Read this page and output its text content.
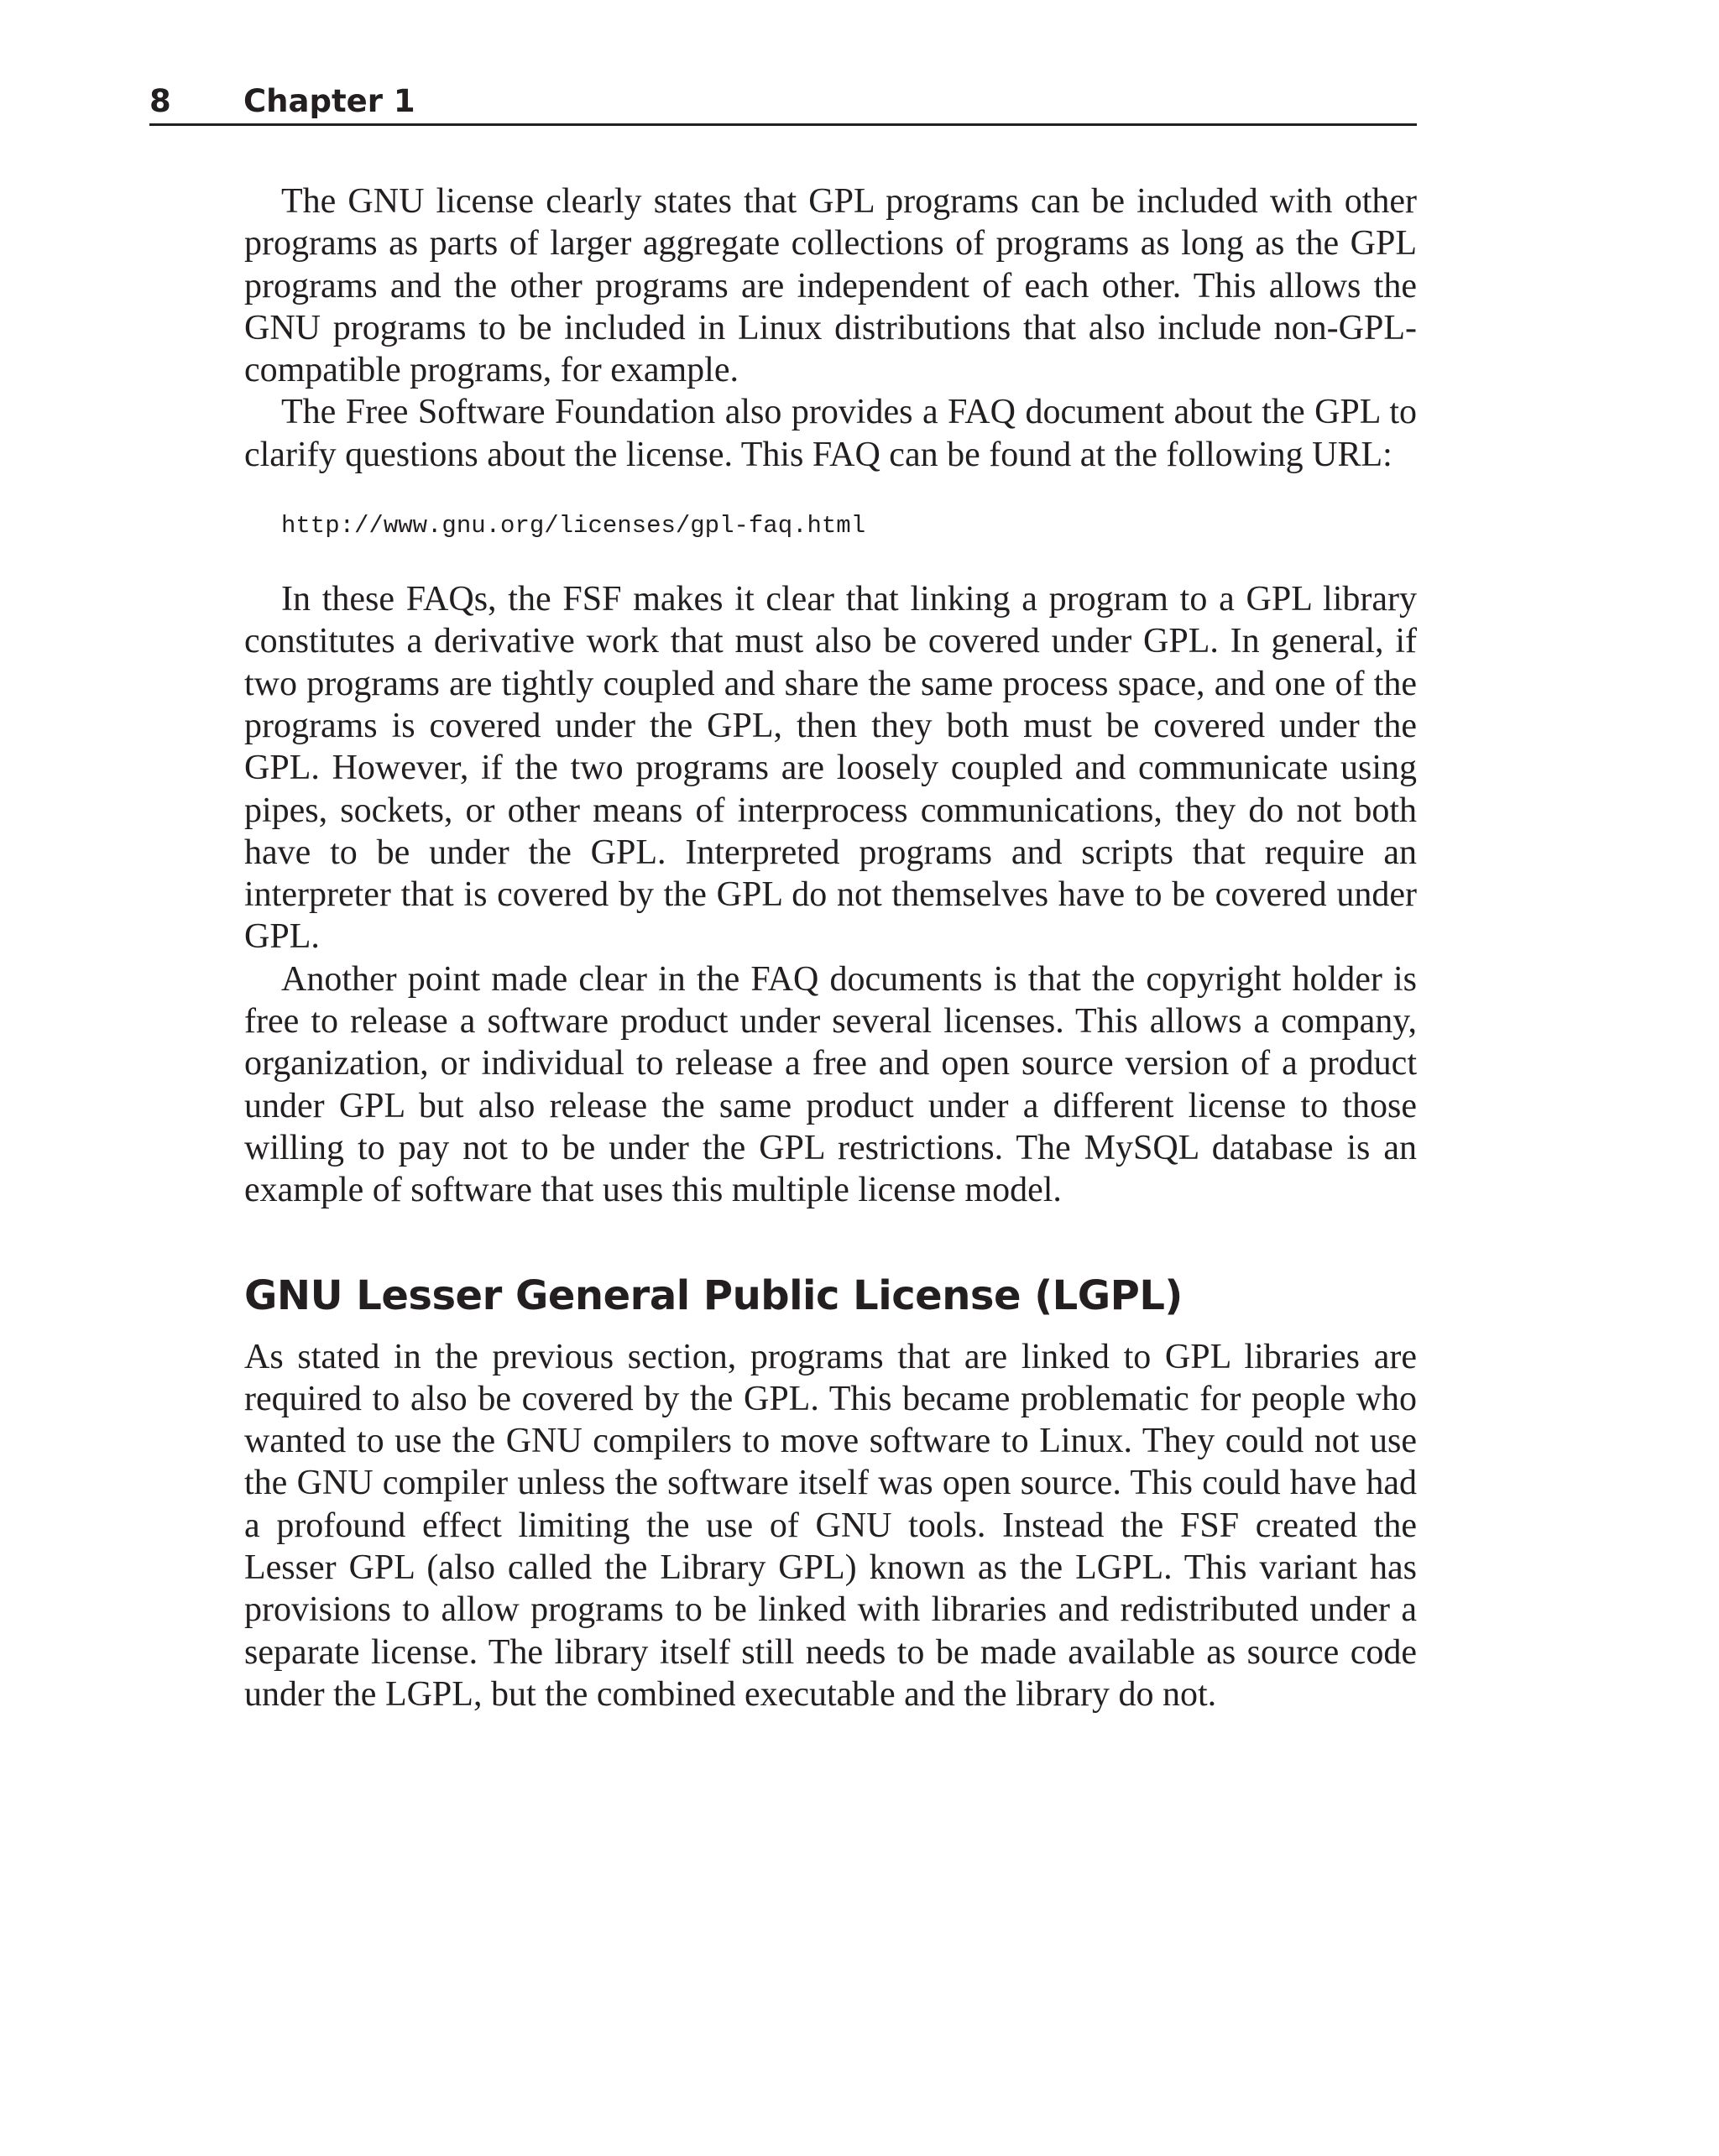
8 Chapter 1

The GNU license clearly states that GPL programs can be included with other programs as parts of larger aggregate collections of programs as long as the GPL programs and the other programs are independent of each other. This allows the GNU programs to be included in Linux distributions that also include non-GPL-compatible programs, for example.

The Free Software Foundation also provides a FAQ document about the GPL to clarify questions about the license. This FAQ can be found at the following URL:

http://www.gnu.org/licenses/gpl-faq.html

In these FAQs, the FSF makes it clear that linking a program to a GPL library constitutes a derivative work that must also be covered under GPL. In general, if two programs are tightly coupled and share the same process space, and one of the programs is covered under the GPL, then they both must be covered under the GPL. However, if the two programs are loosely coupled and communicate using pipes, sockets, or other means of interprocess communications, they do not both have to be under the GPL. Interpreted programs and scripts that require an interpreter that is covered by the GPL do not themselves have to be covered under GPL.

Another point made clear in the FAQ documents is that the copyright holder is free to release a software product under several licenses. This allows a company, organization, or individual to release a free and open source version of a product under GPL but also release the same product under a different license to those willing to pay not to be under the GPL restrictions. The MySQL database is an example of software that uses this multiple license model.

GNU Lesser General Public License (LGPL)

As stated in the previous section, programs that are linked to GPL libraries are required to also be covered by the GPL. This became problematic for people who wanted to use the GNU compilers to move software to Linux. They could not use the GNU compiler unless the software itself was open source. This could have had a profound effect limiting the use of GNU tools. Instead the FSF created the Lesser GPL (also called the Library GPL) known as the LGPL. This variant has provisions to allow programs to be linked with libraries and redistributed under a separate license. The library itself still needs to be made available as source code under the LGPL, but the combined executable and the library do not.
